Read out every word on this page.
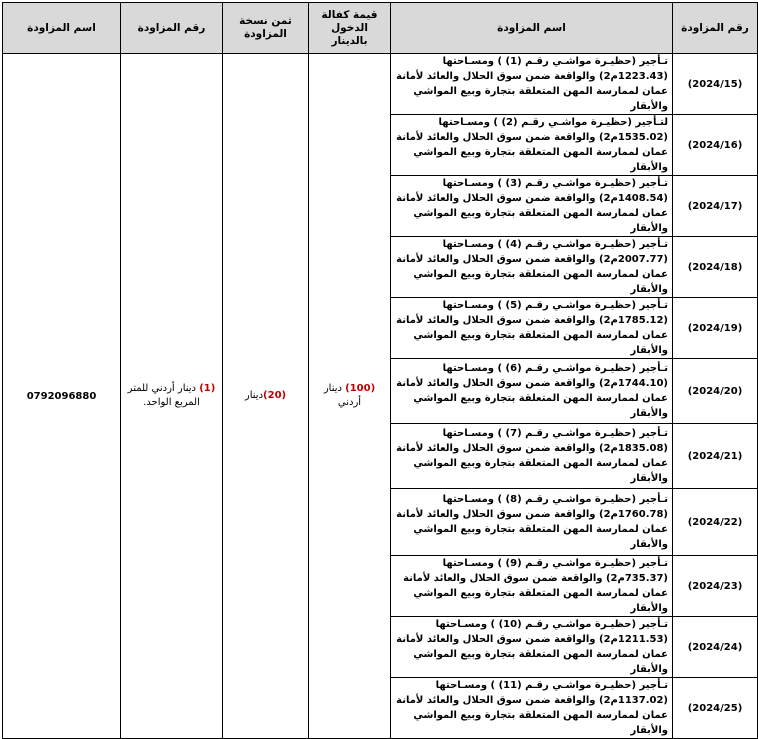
اسم المزاودة	رقم المزاودة	ثمن نسخة المزاودة	قيمة كفالة الدخول بالدينار	اسم المزاودة	رقم المزاودة
0792096880	(1) دينار أردني للمتر المربع الواحد.	(20)دينار	(100) دينار أردني	تـأجير (حظيـرة مواشـي رقـم (1) ) ومسـاحتها (1223.43م2) والواقعة ضمن سوق الحلال والعائد لأمانة عمان لممارسة المهن المتعلقة بتجارة وبيع المواشي والأبقار	(2024/15)
				لتـأجير (حظيـرة مواشـي رقـم (2) ) ومسـاحتها (1535.02م2) والواقعة ضمن سوق الحلال والعائد لأمانة عمان لممارسة المهن المتعلقة بتجارة وبيع المواشي والأبقار	(2024/16)
				تـأجير (حظيـرة مواشـي رقـم (3) ) ومسـاحتها (1408.54م2) والواقعة ضمن سوق الحلال والعائد لأمانة عمان لممارسة المهن المتعلقة بتجارة وبيع المواشي والأبقار	(2024/17)
				تـأجير (حظيـرة مواشـي رقـم (4) ) ومسـاحتها (2007.77م2) والواقعة ضمن سوق الحلال والعائد لأمانة عمان لممارسة المهن المتعلقة بتجارة وبيع المواشي والأبقار	(2024/18)
				تـأجير (حظيـرة مواشـي رقـم (5) ) ومسـاحتها (1785.12م2) والواقعة ضمن سوق الحلال والعائد لأمانة عمان لممارسة المهن المتعلقة بتجارة وبيع المواشي والأبقار	(2024/19)
				تـأجير (حظيـرة مواشـي رقـم (6) ) ومسـاحتها (1744.10م2) والواقعة ضمن سوق الحلال والعائد لأمانة عمان لممارسة المهن المتعلقة بتجارة وبيع المواشي والأبقار	(2024/20)
				تـأجير (حظيـرة مواشـي رقـم (7) ) ومسـاحتها (1835.08م2) والواقعة ضمن سوق الحلال والعائد لأمانة عمان لممارسة المهن المتعلقة بتجارة وبيع المواشي والأبقار	(2024/21)
				تـأجير (حظيـرة مواشـي رقـم (8) ) ومسـاحتها (1760.78م2) والواقعة ضمن سوق الحلال والعائد لأمانة عمان لممارسة المهن المتعلقة بتجارة وبيع المواشي والأبقار	(2024/22)
				تـأجير (حظيـرة مواشـي رقـم (9) ) ومسـاحتها (735.37م2) والواقعة ضمن سوق الحلال والعائد لأمانة عمان لممارسة المهن المتعلقة بتجارة وبيع المواشي والأبقار	(2024/23)
				تـأجير (حظيـرة مواشـي رقـم (10) ) ومسـاحتها (1211.53م2) والواقعة ضمن سوق الحلال والعائد لأمانة عمان لممارسة المهن المتعلقة بتجارة وبيع المواشي والأبقار	(2024/24)
				تـأجير (حظيـرة مواشـي رقـم (11) ) ومسـاحتها (1137.02م2) والواقعة ضمن سوق الحلال والعائد لأمانة عمان لممارسة المهن المتعلقة بتجارة وبيع المواشي والأبقار	(2024/25)
